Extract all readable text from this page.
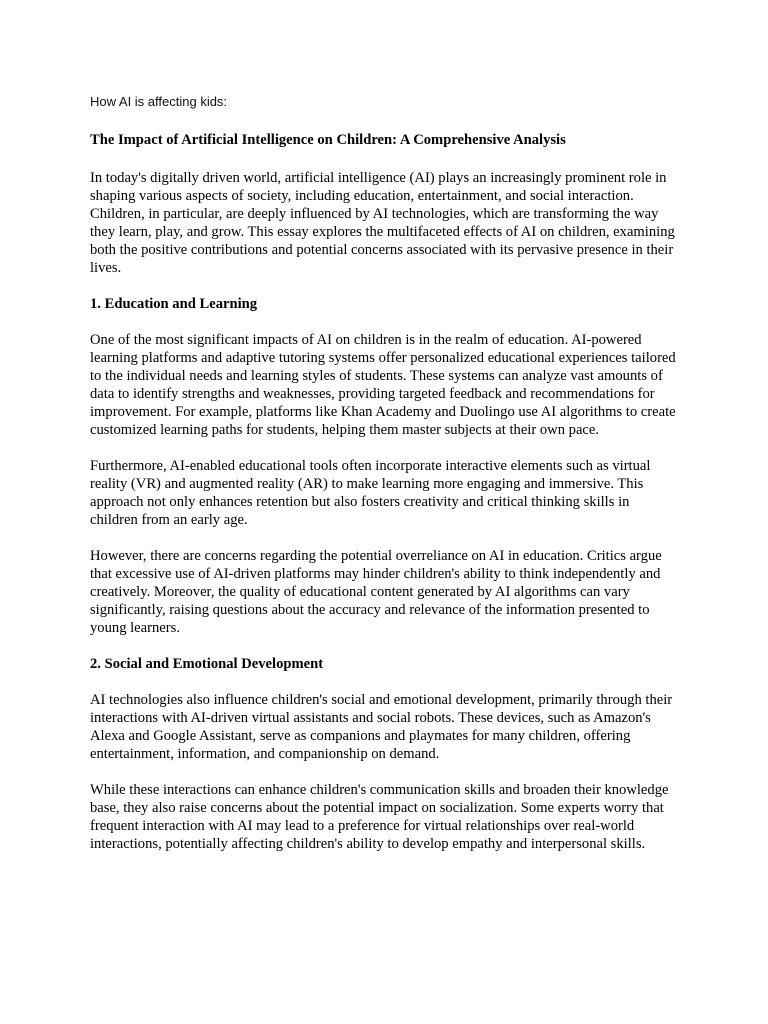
How AI is affecting kids:

The Impact of Artificial Intelligence on Children: A Comprehensive Analysis

In today's digitally driven world, artificial intelligence (AI) plays an increasingly prominent role in shaping various aspects of society, including education, entertainment, and social interaction. Children, in particular, are deeply influenced by AI technologies, which are transforming the way they learn, play, and grow. This essay explores the multifaceted effects of AI on children, examining both the positive contributions and potential concerns associated with its pervasive presence in their lives.

1. Education and Learning

One of the most significant impacts of AI on children is in the realm of education. AI-powered learning platforms and adaptive tutoring systems offer personalized educational experiences tailored to the individual needs and learning styles of students. These systems can analyze vast amounts of data to identify strengths and weaknesses, providing targeted feedback and recommendations for improvement. For example, platforms like Khan Academy and Duolingo use AI algorithms to create customized learning paths for students, helping them master subjects at their own pace.

Furthermore, AI-enabled educational tools often incorporate interactive elements such as virtual reality (VR) and augmented reality (AR) to make learning more engaging and immersive. This approach not only enhances retention but also fosters creativity and critical thinking skills in children from an early age.

However, there are concerns regarding the potential overreliance on AI in education. Critics argue that excessive use of AI-driven platforms may hinder children's ability to think independently and creatively. Moreover, the quality of educational content generated by AI algorithms can vary significantly, raising questions about the accuracy and relevance of the information presented to young learners.

2. Social and Emotional Development

AI technologies also influence children's social and emotional development, primarily through their interactions with AI-driven virtual assistants and social robots. These devices, such as Amazon's Alexa and Google Assistant, serve as companions and playmates for many children, offering entertainment, information, and companionship on demand.

While these interactions can enhance children's communication skills and broaden their knowledge base, they also raise concerns about the potential impact on socialization. Some experts worry that frequent interaction with AI may lead to a preference for virtual relationships over real-world interactions, potentially affecting children's ability to develop empathy and interpersonal skills.
